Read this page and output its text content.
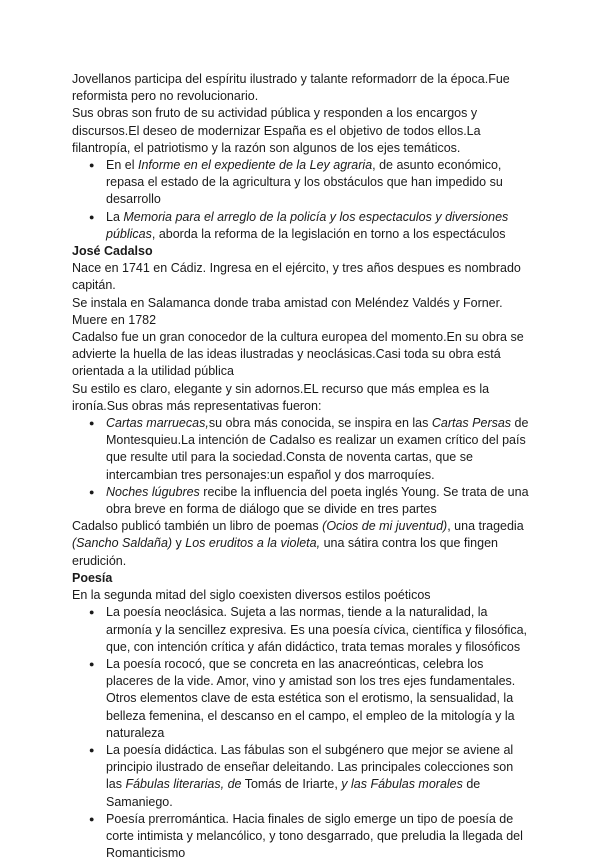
Jovellanos participa del espíritu ilustrado y talante reformadorr de la época.Fue reformista pero no revolucionario.

Sus obras son fruto de su actividad pública y responden a los encargos y discursos.El deseo de modernizar España es el objetivo de todos ellos.La filantropía, el patriotismo y la razón son algunos de los ejes temáticos.

● En el Informe en el expediente de la Ley agraria, de asunto económico, repasa el estado de la agricultura y los obstáculos que han impedido su desarrollo
● La Memoria para el arreglo de la policía y los espectaculos y diversiones públicas, aborda la reforma de la legislación en torno a los espectáculos
José Cadalso

Nace en 1741 en Cádiz. Ingresa en el ejército, y tres años despues es nombrado capitán.

Se instala en Salamanca donde traba amistad con Meléndez Valdés y Forner. Muere en 1782

Cadalso fue un gran conocedor de la cultura europea del momento.En su obra se advierte la huella de las ideas ilustradas y neoclásicas.Casi toda su obra está orientada a la utilidad pública

Su estilo es claro, elegante y sin adornos.EL recurso que más emplea es la ironía.Sus obras más representativas fueron:

● Cartas marruecas,su obra más conocida, se inspira en las Cartas Persas de Montesquieu.La intención de Cadalso es realizar un examen crítico del país que resulte util para la sociedad.Consta de noventa cartas, que se intercambian tres personajes:un español y dos marroquíes.
● Noches lúgubres recibe la influencia del poeta inglés Young. Se trata de una obra breve en forma de diálogo que se divide en tres partes

Cadalso publicó también un libro de poemas (Ocios de mi juventud), una tragedia (Sancho Saldaña) y Los eruditos a la violeta, una sátira contra los que fingen erudición.

Poesía

En la segunda mitad del siglo coexisten diversos estilos poéticos

● La poesía neoclásica. Sujeta a las normas, tiende a la naturalidad, la armonía y la sencillez expresiva. Es una poesía cívica, científica y filosófica, que, con intención crítica y afán didáctico, trata temas morales y filosóficos
● La poesía rococó, que se concreta en las anacreónticas, celebra los placeres de la vide. Amor, vino y amistad son los tres ejes fundamentales. Otros elementos clave de esta estética son el erotismo, la sensualidad, la belleza femenina, el descanso en el campo, el empleo de la mitología y la naturaleza
● La poesía didáctica. Las fábulas son el subgénero que mejor se aviene al principio ilustrado de enseñar deleitando. Las principales colecciones son las Fábulas literarias, de Tomás de Iriarte, y las Fábulas morales de Samaniego.
● Poesía prerromántica. Hacia finales de siglo emerge un tipo de poesía de corte intimista y melancólico, y tono desgarrado, que preludia la llegada del Romanticismo
